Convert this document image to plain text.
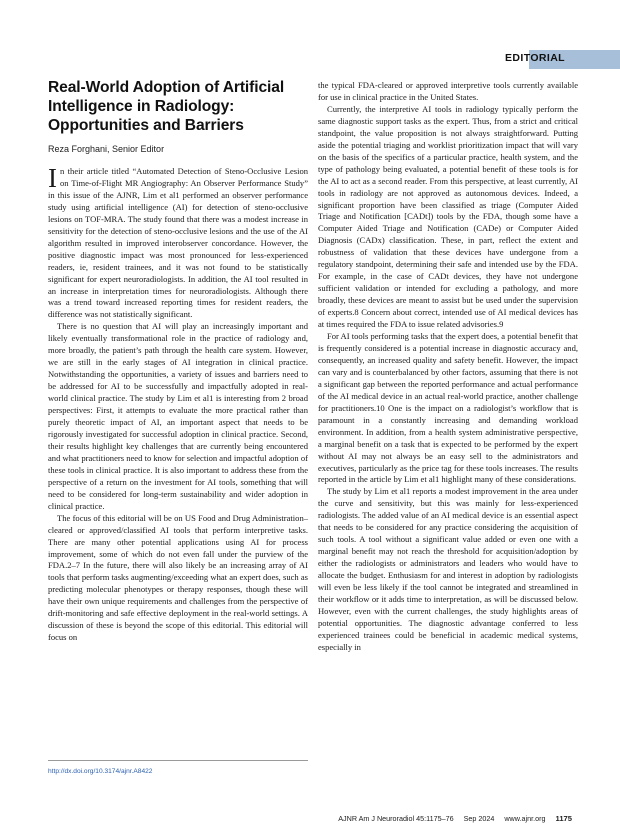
EDITORIAL
Real-World Adoption of Artificial Intelligence in Radiology: Opportunities and Barriers
Reza Forghani, Senior Editor

In their article titled “Automated Detection of Steno-Occlusive Lesion on Time-of-Flight MR Angiography: An Observer Performance Study” in this issue of the AJNR, Lim et al1 performed an observer performance study using artificial intelligence (AI) for detection of steno-occlusive lesions on TOF-MRA. The study found that there was a modest increase in sensitivity for the detection of steno-occlusive lesions and the use of the AI algorithm resulted in improved interobserver concordance. However, the positive diagnostic impact was most pronounced for less-experienced readers, ie, resident trainees, and it was not found to be statistically significant for expert neuroradiologists. In addition, the AI tool resulted in an increase in interpretation times for neuroradiologists. Although there was a trend toward increased reporting times for resident readers, the difference was not statistically significant.

There is no question that AI will play an increasingly important and likely eventually transformational role in the practice of radiology and, more broadly, the patient’s path through the health care system. However, we are still in the early stages of AI integration in clinical practice. Notwithstanding the opportunities, a variety of issues and barriers need to be addressed for AI to be successfully and impactfully adopted in real-world clinical practice. The study by Lim et al1 is interesting from 2 broad perspectives: First, it attempts to evaluate the more practical rather than purely theoretic impact of AI, an important aspect that needs to be rigorously investigated for successful adoption in clinical practice. Second, their results highlight key challenges that are currently being encountered and what practitioners need to know for selection and impactful adoption of these tools in clinical practice. It is also important to address these from the perspective of a return on the investment for AI tools, something that will need to be considered for long-term sustainability and wider adoption in clinical practice.

The focus of this editorial will be on US Food and Drug Administration–cleared or approved/classified AI tools that perform interpretive tasks. There are many other potential applications using AI for process improvement, some of which do not even fall under the purview of the FDA.2–7 In the future, there will also likely be an increasing array of AI tools that perform tasks augmenting/exceeding what an expert does, such as predicting molecular phenotypes or therapy responses, though these will have their own unique requirements and challenges from the perspective of drift-monitoring and safe effective deployment in the real-world settings. A discussion of these is beyond the scope of this editorial. This editorial will focus on

the typical FDA-cleared or approved interpretive tools currently available for use in clinical practice in the United States.

Currently, the interpretive AI tools in radiology typically perform the same diagnostic support tasks as the expert. Thus, from a strict and critical standpoint, the value proposition is not always straightforward. Putting aside the potential triaging and worklist prioritization impact that will vary on the basis of the specifics of a particular practice, health system, and the type of pathology being evaluated, a potential benefit of these tools is for the AI to act as a second reader. From this perspective, at least currently, AI tools in radiology are not approved as autonomous devices. Indeed, a significant proportion have been classified as triage (Computer Aided Triage and Notification [CADt]) tools by the FDA, though some have a Computer Aided Triage and Notification (CADe) or Computer Aided Diagnosis (CADx) classification. These, in part, reflect the extent and robustness of validation that these devices have undergone from a regulatory standpoint, determining their safe and intended use by the FDA. For example, in the case of CADt devices, they have not undergone sufficient validation or intended for excluding a pathology, and more broadly, these devices are meant to assist but be used under the supervision of experts.8 Concern about correct, intended use of AI medical devices has at times required the FDA to issue related advisories.9

For AI tools performing tasks that the expert does, a potential benefit that is frequently considered is a potential increase in diagnostic accuracy and, consequently, an increased quality and safety benefit. However, the impact can vary and is counterbalanced by other factors, assuming that there is not a significant gap between the reported performance and actual performance of the AI medical device in an actual real-world practice, another challenge for practitioners.10 One is the impact on a radiologist’s workflow that is paramount in a constantly increasing and demanding workload environment. In addition, from a health system administrative perspective, a marginal benefit on a task that is expected to be performed by the expert without AI may not always be an easy sell to the administrators and executives, particularly as the price tag for these tools increases. The results reported in the article by Lim et al1 highlight many of these considerations.

The study by Lim et al1 reports a modest improvement in the area under the curve and sensitivity, but this was mainly for less-experienced radiologists. The added value of an AI medical device is an essential aspect that needs to be considered for any practice considering the acquisition of such tools. A tool without a significant value added or even one with a marginal benefit may not reach the threshold for acquisition/adoption by either the radiologists or administrators and leaders who would have to allocate the budget. Enthusiasm for and interest in adoption by radiologists will even be less likely if the tool cannot be integrated and streamlined in their workflow or it adds time to interpretation, as will be discussed below. However, even with the current challenges, the study highlights areas of potential opportunities. The diagnostic advantage conferred to less experienced trainees could be beneficial in academic medical systems, especially in

http://dx.doi.org/10.3174/ajnr.A8422
AJNR Am J Neuroradiol 45:1175–76 Sep 2024 www.ajnr.org 1175
